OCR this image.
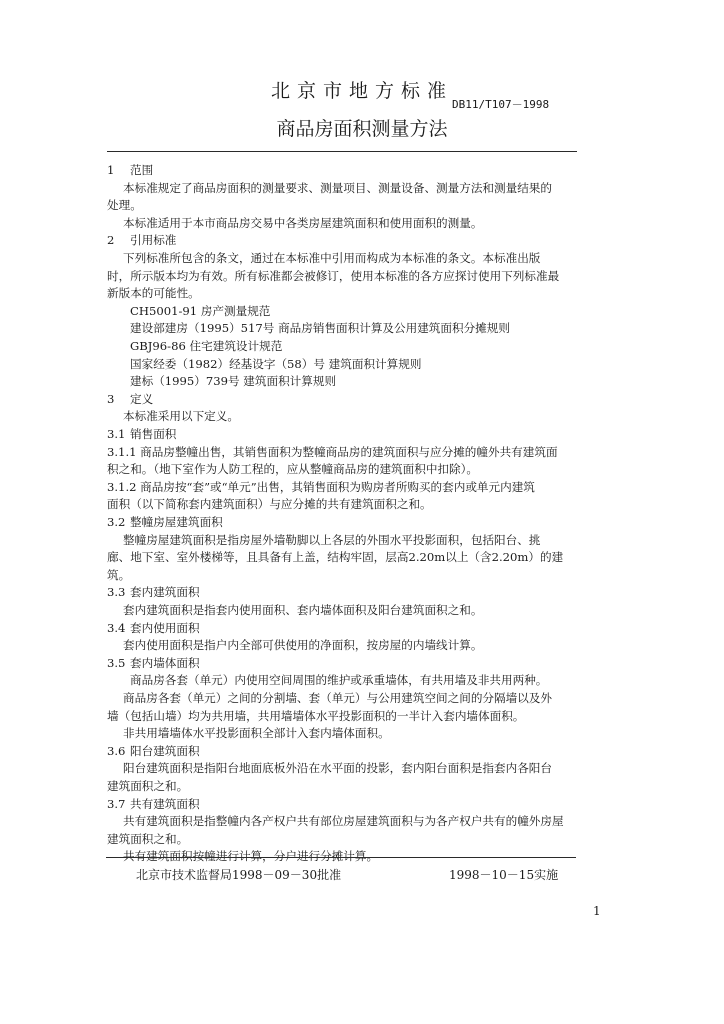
北京市地方标准
DB11/T107－1998
商品房面积测量方法
1 范围
本标准规定了商品房面积的测量要求、测量项目、测量设备、测量方法和测量结果的
处理。
本标准适用于本市商品房交易中各类房屋建筑面积和使用面积的测量。
2 引用标准
下列标准所包含的条文，通过在本标准中引用而构成为本标准的条文。本标准出版
时，所示版本均为有效。所有标准都会被修订，使用本标准的各方应探讨使用下列标准最
新版本的可能性。
CH5001-91 房产测量规范
建设部建房（1995）517号 商品房销售面积计算及公用建筑面积分摊规则
GBJ96-86 住宅建筑设计规范
国家经委（1982）经基设字（58）号 建筑面积计算规则
建标（1995）739号 建筑面积计算规则
3 定义
本标准采用以下定义。
3.1 销售面积
3.1.1 商品房整幢出售，其销售面积为整幢商品房的建筑面积与应分摊的幢外共有建筑面
积之和。（地下室作为人防工程的，应从整幢商品房的建筑面积中扣除）。
3.1.2 商品房按“套”或“单元”出售，其销售面积为购房者所购买的套内或单元内建筑
面积（以下简称套内建筑面积）与应分摊的共有建筑面积之和。
3.2 整幢房屋建筑面积
整幢房屋建筑面积是指房屋外墙勒脚以上各层的外围水平投影面积，包括阳台、挑
廊、地下室、室外楼梯等，且具备有上盖，结构牢固，层高2.20m以上（含2.20m）的建
筑。
3.3 套内建筑面积
套内建筑面积是指套内使用面积、套内墙体面积及阳台建筑面积之和。
3.4 套内使用面积
套内使用面积是指户内全部可供使用的净面积，按房屋的内墙线计算。
3.5 套内墙体面积
商品房各套（单元）内使用空间周围的维护或承重墙体，有共用墙及非共用两种。
商品房各套（单元）之间的分割墙、套（单元）与公用建筑空间之间的分隔墙以及外
墙（包括山墙）均为共用墙，共用墙墙体水平投影面积的一半计入套内墙体面积。
非共用墙墙体水平投影面积全部计入套内墙体面积。
3.6 阳台建筑面积
阳台建筑面积是指阳台地面底板外沿在水平面的投影，套内阳台面积是指套内各阳台
建筑面积之和。
3.7 共有建筑面积
共有建筑面积是指整幢内各产权户共有部位房屋建筑面积与为各产权户共有的幢外房屋
建筑面积之和。
共有建筑面积按幢进行计算，分户进行分摊计算。
北京市技术监督局1998－09－30批准	1998－10－15实施
1
